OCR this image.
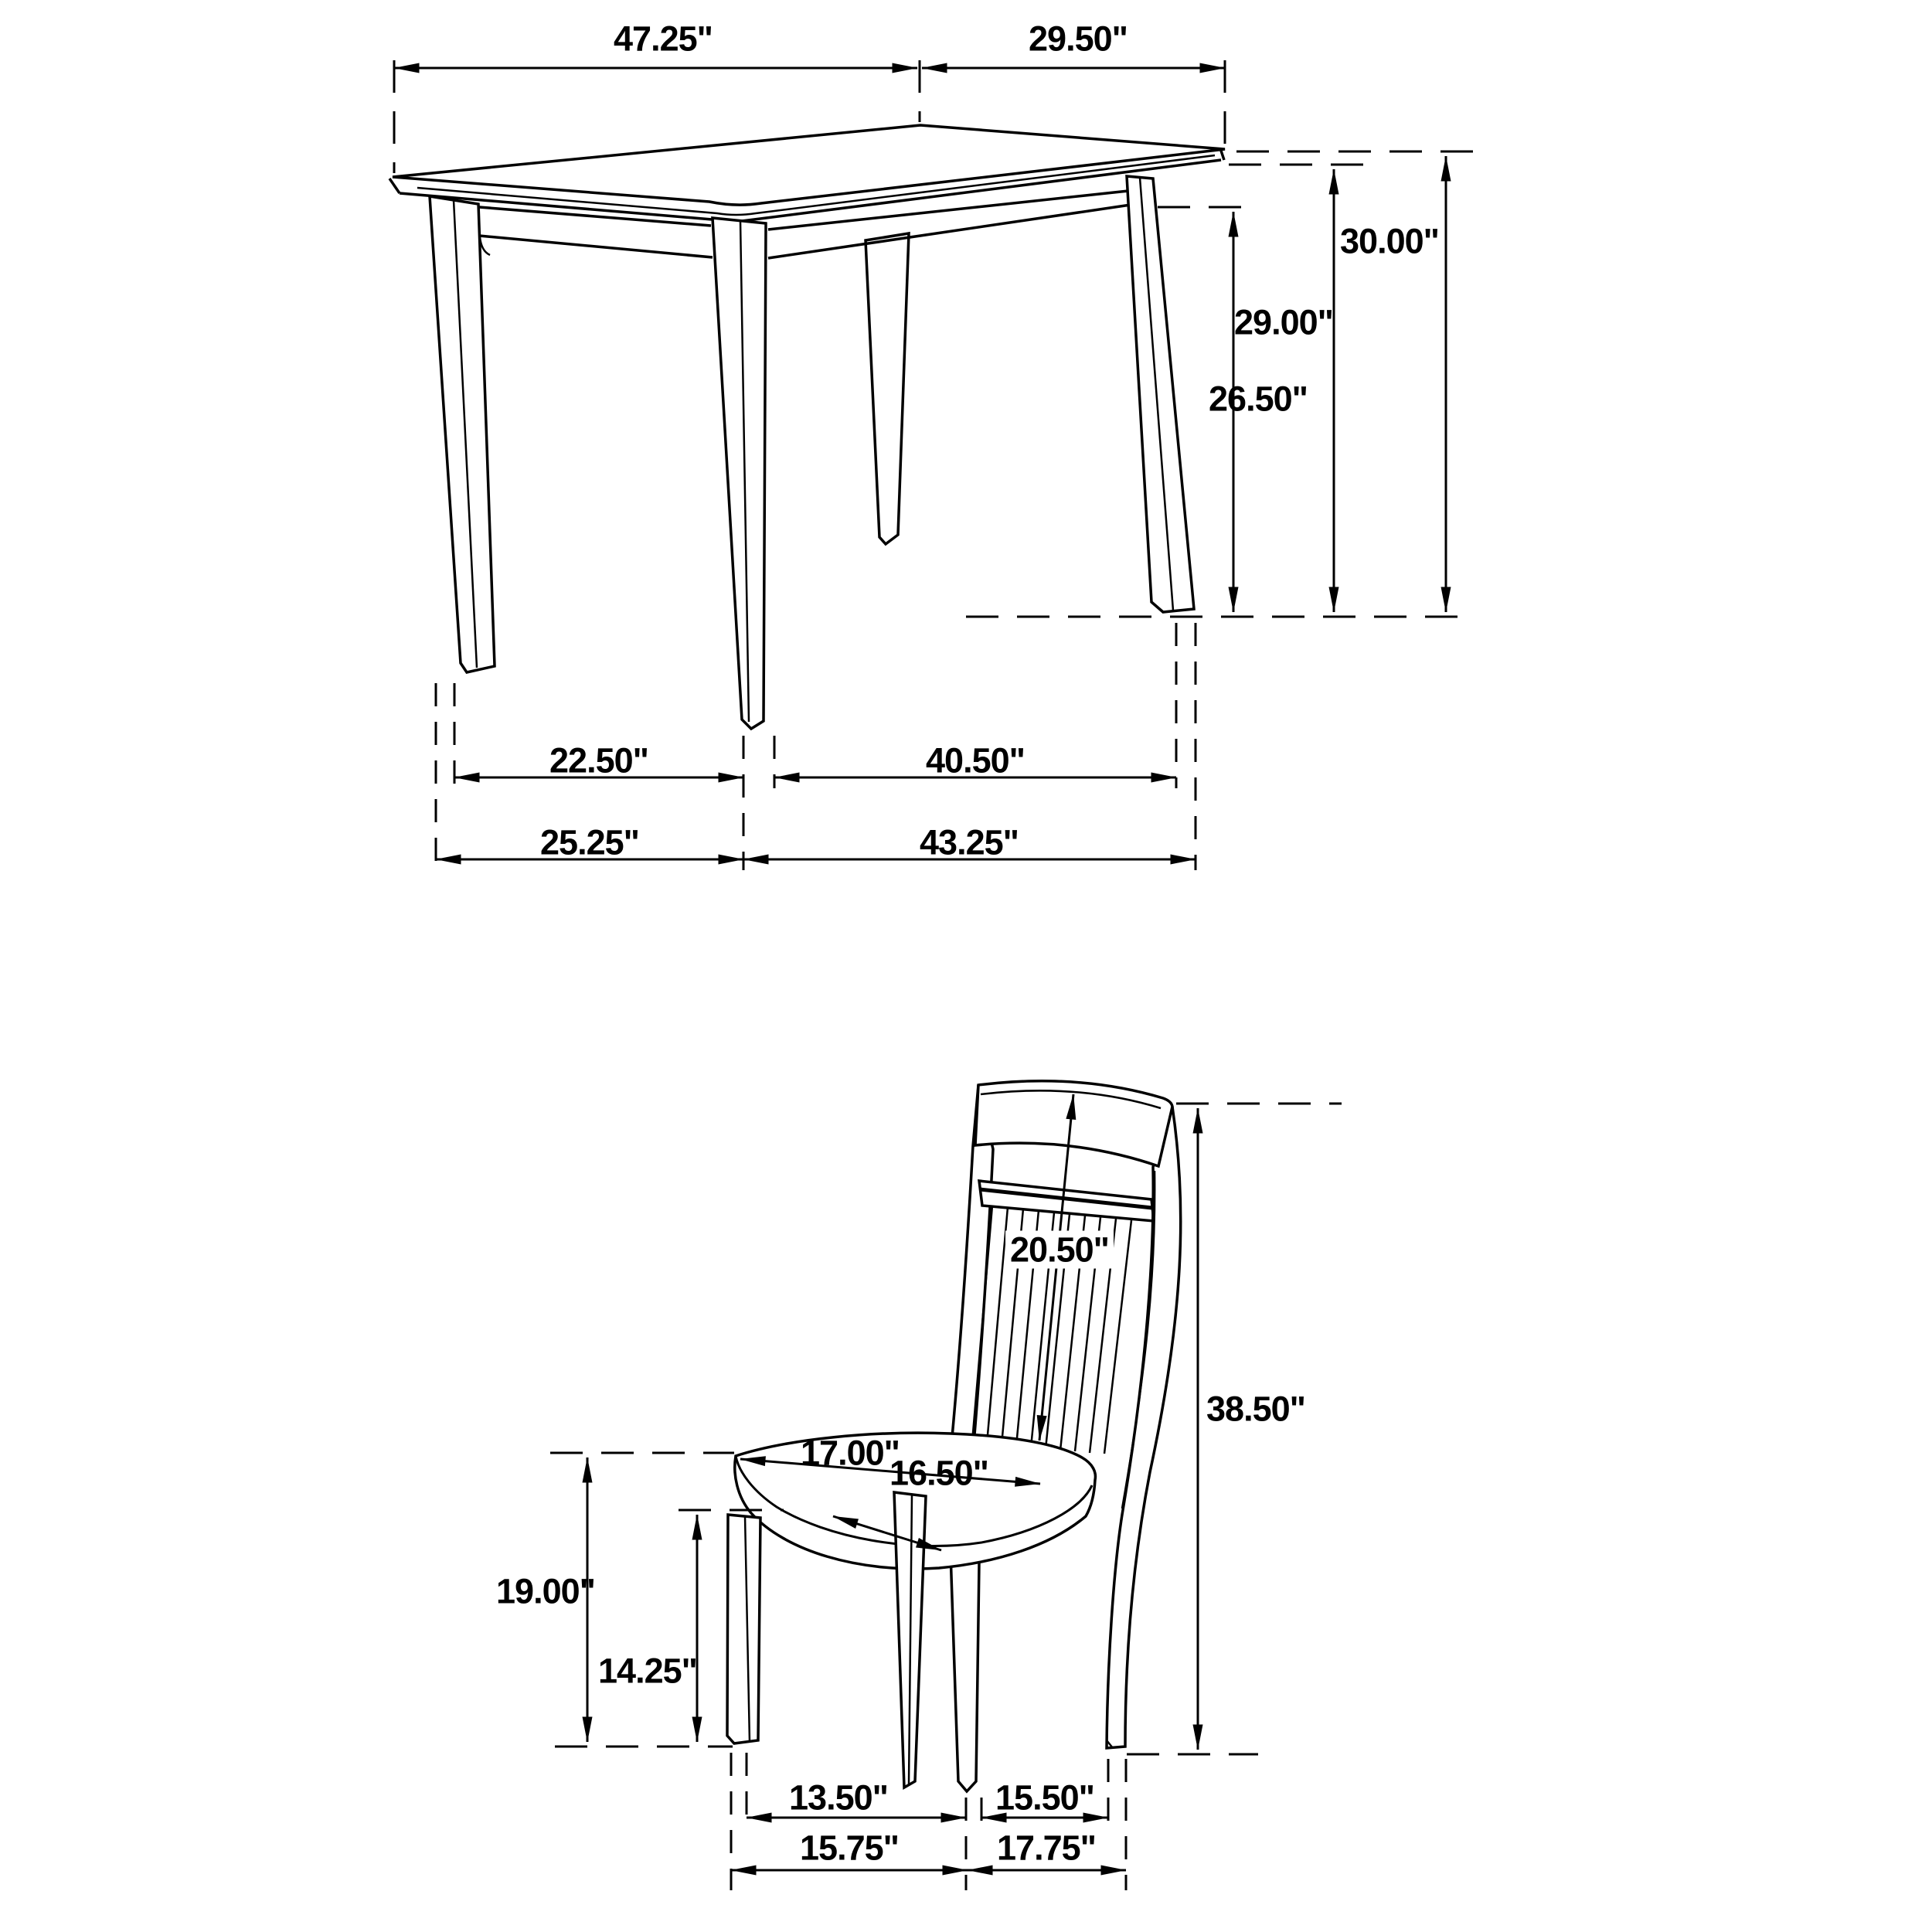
47.25"	29.50"
30.00"
29.00"
26.50"
22.50"	40.50"
25.25"	43.25"
20.50"
38.50"
17.00"
16.50"
19.00"
14.25"
13.50"	15.50"
15.75"	17.75"
